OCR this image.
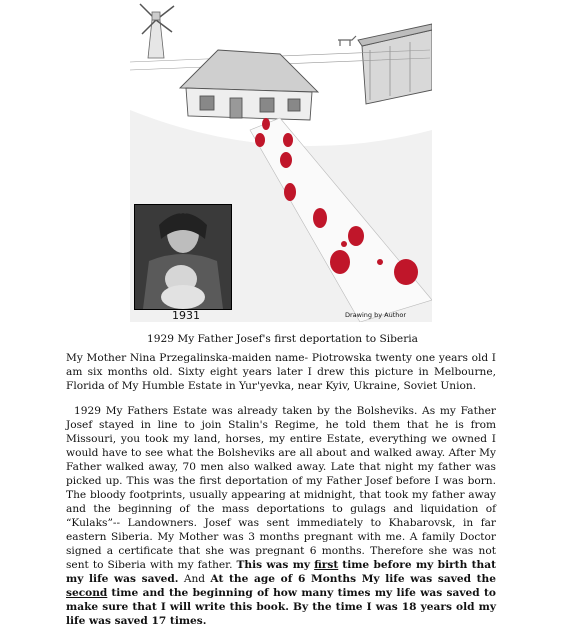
1931	Drawing by Author
1929 My Father Josef's first deportation to Siberia

My Mother Nina Przegalinska-maiden name- Piotrowska twenty one years old I am six months old. Sixty eight years later I drew this picture in Melbourne, Florida of My Humble Estate in Yur'yevka, near Kyiv, Ukraine, Soviet Union.

1929 My Fathers Estate was already taken by the Bolsheviks. As my Father Josef stayed in line to join Stalin's Regime, he told them that he is from Missouri, you took my land, horses, my entire Estate, everything we owned I would have to see what the Bolsheviks are all about and walked away. After My Father walked away, 70 men also walked away. Late that night my father was picked up. This was the first deportation of my Father Josef before I was born. The bloody footprints, usually appearing at midnight, that took my father away and the beginning of the mass deportations to gulags and liquidation of “Kulaks”-- Landowners. Josef was sent immediately to Khabarovsk, in far eastern Siberia. My Mother was 3 months pregnant with me. A family Doctor signed a certificate that she was pregnant 6 months. Therefore she was not sent to Siberia with my father. This was my first time before my birth that my life was saved. And At the age of 6 Months My life was saved the second time and the beginning of how many times my life was saved to make sure that I will write this book. By the time I was 18 years old my life was saved 17 times.
